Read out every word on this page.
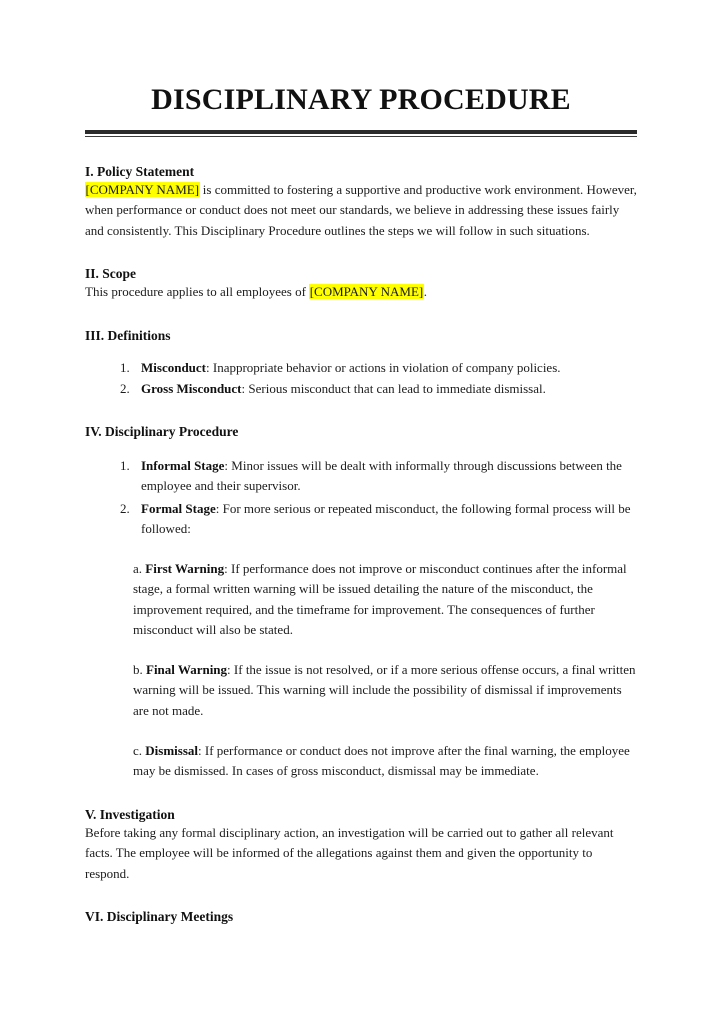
DISCIPLINARY PROCEDURE
I. Policy Statement

[COMPANY NAME] is committed to fostering a supportive and productive work environment. However, when performance or conduct does not meet our standards, we believe in addressing these issues fairly and consistently. This Disciplinary Procedure outlines the steps we will follow in such situations.

II. Scope

This procedure applies to all employees of [COMPANY NAME].

III. Definitions
1. Misconduct: Inappropriate behavior or actions in violation of company policies.
2. Gross Misconduct: Serious misconduct that can lead to immediate dismissal.
IV. Disciplinary Procedure
1. Informal Stage: Minor issues will be dealt with informally through discussions between the employee and their supervisor.
2. Formal Stage: For more serious or repeated misconduct, the following formal process will be followed:

a. First Warning: If performance does not improve or misconduct continues after the informal stage, a formal written warning will be issued detailing the nature of the misconduct, the improvement required, and the timeframe for improvement. The consequences of further misconduct will also be stated.

b. Final Warning: If the issue is not resolved, or if a more serious offense occurs, a final written warning will be issued. This warning will include the possibility of dismissal if improvements are not made.

c. Dismissal: If performance or conduct does not improve after the final warning, the employee may be dismissed. In cases of gross misconduct, dismissal may be immediate.

V. Investigation

Before taking any formal disciplinary action, an investigation will be carried out to gather all relevant facts. The employee will be informed of the allegations against them and given the opportunity to respond.

VI. Disciplinary Meetings
